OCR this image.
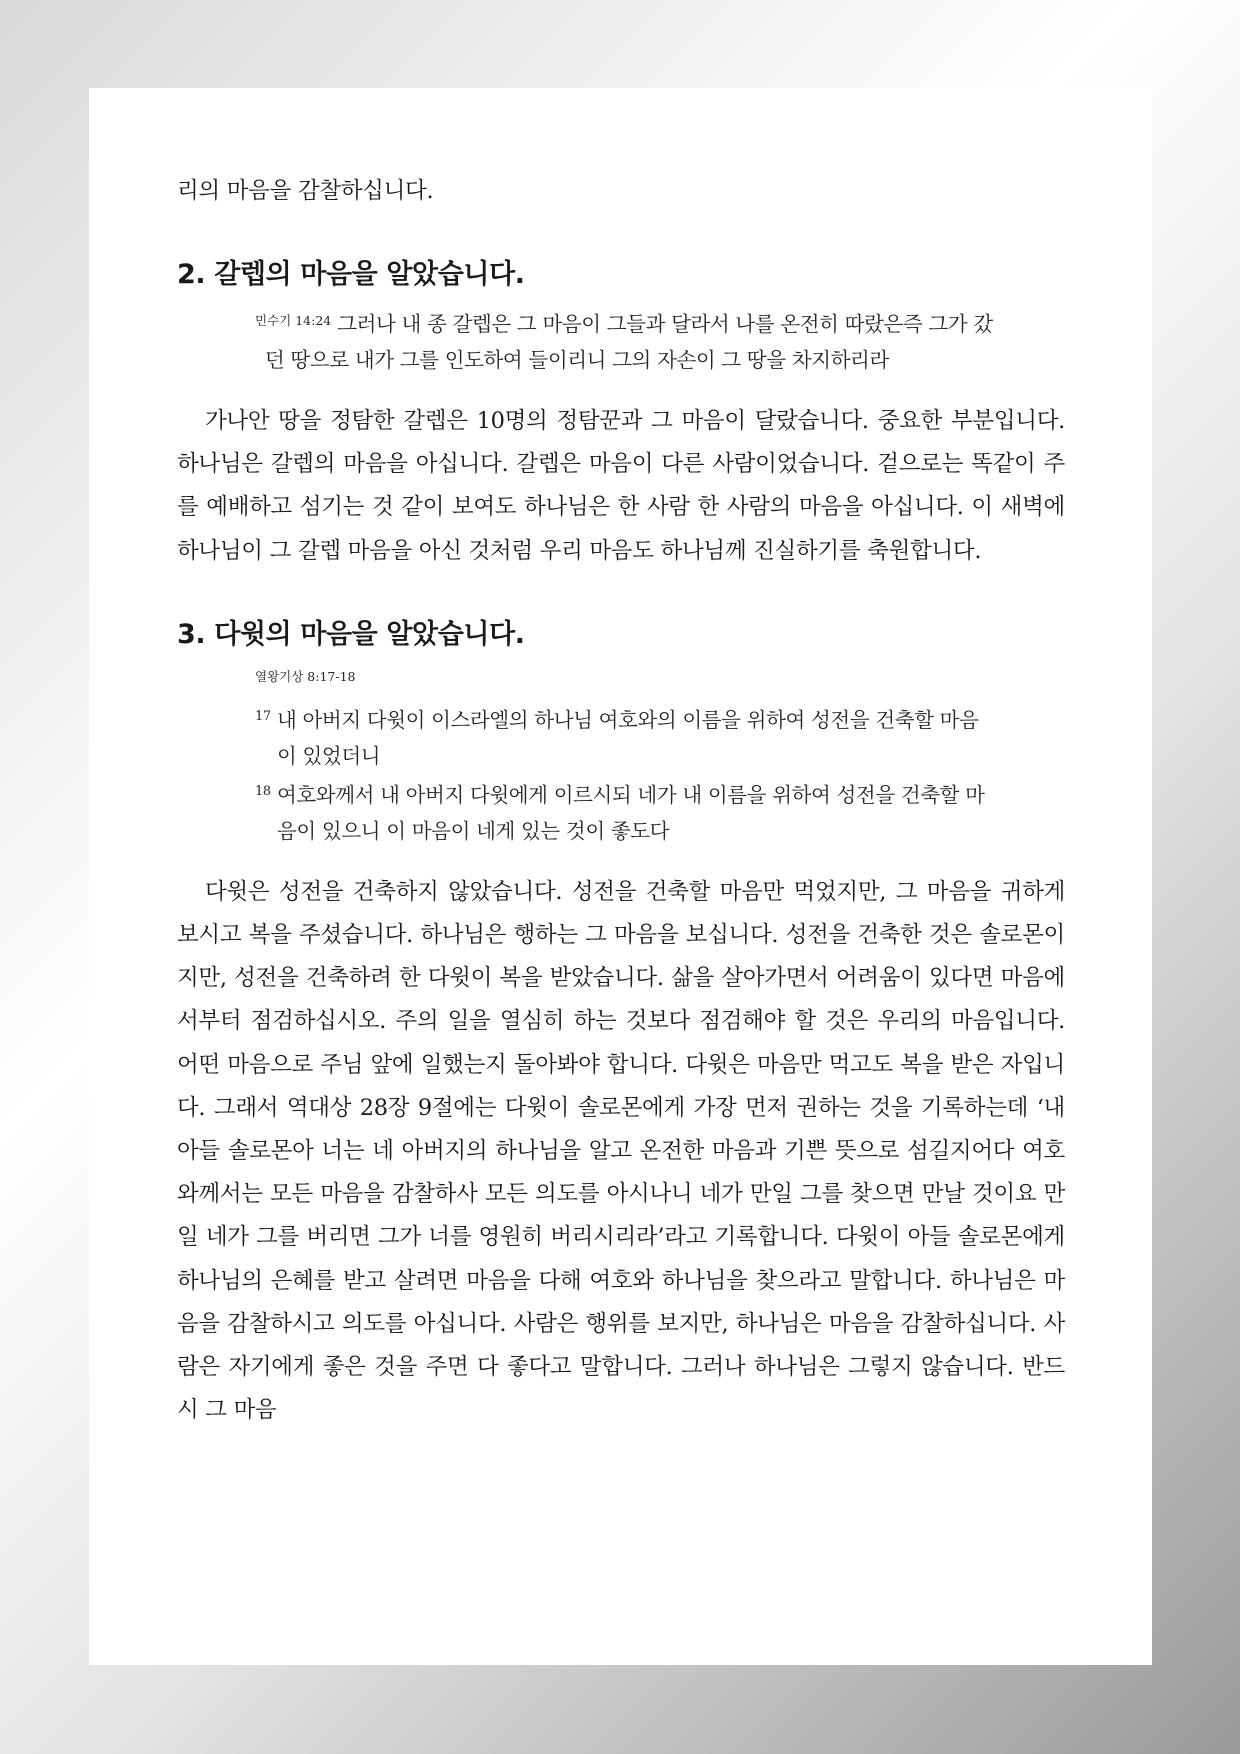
리의 마음을 감찰하십니다.

2. 갈렙의 마음을 알았습니다.
$^{민수기 14:24}$ 그러나 내 종 갈렙은 그 마음이 그들과 달라서 나를 온전히 따랐은즉 그가 갔던 땅으로 내가 그를 인도하여 들이리니 그의 자손이 그 땅을 차지하리라

가나안 땅을 정탐한 갈렙은 10명의 정탐꾼과 그 마음이 달랐습니다. 중요한 부분입니다. 하나님은 갈렙의 마음을 아십니다. 갈렙은 마음이 다른 사람이었습니다. 겉으로는 똑같이 주를 예배하고 섬기는 것 같이 보여도 하나님은 한 사람 한 사람의 마음을 아십니다. 이 새벽에 하나님이 그 갈렙 마음을 아신 것처럼 우리 마음도 하나님께 진실하기를 축원합니다.

3. 다윗의 마음을 알았습니다.
열왕기상 8:17-18
17 내 아버지 다윗이 이스라엘의 하나님 여호와의 이름을 위하여 성전을 건축할 마음이 있었더니
18 여호와께서 내 아버지 다윗에게 이르시되 네가 내 이름을 위하여 성전을 건축할 마음이 있으니 이 마음이 네게 있는 것이 좋도다

다윗은 성전을 건축하지 않았습니다. 성전을 건축할 마음만 먹었지만, 그 마음을 귀하게 보시고 복을 주셨습니다. 하나님은 행하는 그 마음을 보십니다. 성전을 건축한 것은 솔로몬이지만, 성전을 건축하려 한 다윗이 복을 받았습니다. 삶을 살아가면서 어려움이 있다면 마음에서부터 점검하십시오. 주의 일을 열심히 하는 것보다 점검해야 할 것은 우리의 마음입니다. 어떤 마음으로 주님 앞에 일했는지 돌아봐야 합니다. 다윗은 마음만 먹고도 복을 받은 자입니다. 그래서 역대상 28장 9절에는 다윗이 솔로몬에게 가장 먼저 권하는 것을 기록하는데 ‘내 아들 솔로몬아 너는 네 아버지의 하나님을 알고 온전한 마음과 기쁜 뜻으로 섬길지어다 여호와께서는 모든 마음을 감찰하사 모든 의도를 아시나니 네가 만일 그를 찾으면 만날 것이요 만일 네가 그를 버리면 그가 너를 영원히 버리시리라’라고 기록합니다. 다윗이 아들 솔로몬에게 하나님의 은혜를 받고 살려면 마음을 다해 여호와 하나님을 찾으라고 말합니다. 하나님은 마음을 감찰하시고 의도를 아십니다. 사람은 행위를 보지만, 하나님은 마음을 감찰하십니다. 사람은 자기에게 좋은 것을 주면 다 좋다고 말합니다. 그러나 하나님은 그렇지 않습니다. 반드시 그 마음
